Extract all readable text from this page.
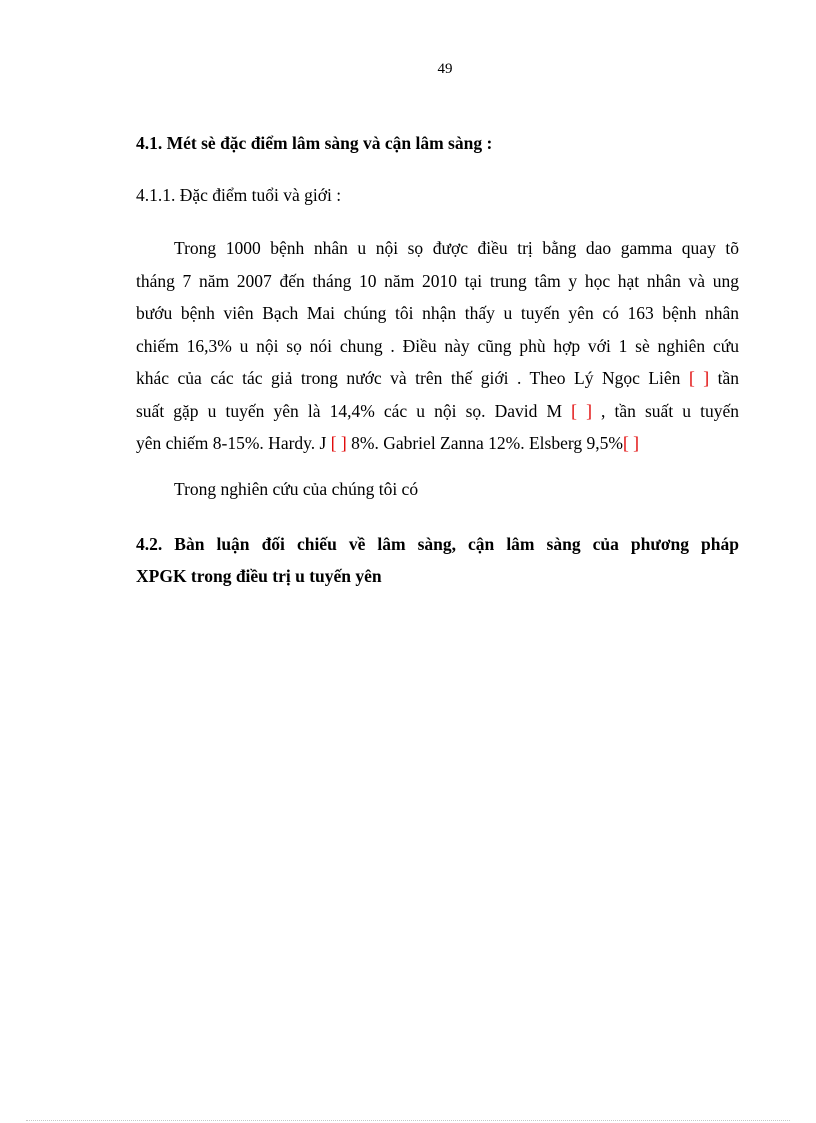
49
4.1. Mét sè đặc điểm lâm sàng và cận lâm sàng :
4.1.1. Đặc điểm tuổi và giới :
Trong 1000 bệnh nhân u nội sọ được điều trị bằng dao gamma quay tõ
tháng 7 năm 2007 đến tháng 10 năm 2010 tại trung tâm y học hạt nhân và ung
bướu bệnh viên Bạch Mai chúng tôi nhận thấy u tuyến yên có 163 bệnh nhân
chiếm 16,3% u nội sọ nói chung . Điều này cũng phù hợp với 1 sè nghiên cứu
khác của các tác giả trong nước và trên thế giới . Theo Lý Ngọc Liên [ ] tần
suất gặp u tuyến yên là 14,4% các u nội sọ. David M [ ] , tần suất u tuyến
yên chiếm 8-15%. Hardy. J [ ] 8%. Gabriel Zanna 12%. Elsberg 9,5%[ ]
Trong nghiên cứu của chúng tôi có
4.2. Bàn luận đối chiếu về lâm sàng, cận lâm sàng của phương pháp
XPGK trong điều trị u tuyến yên
